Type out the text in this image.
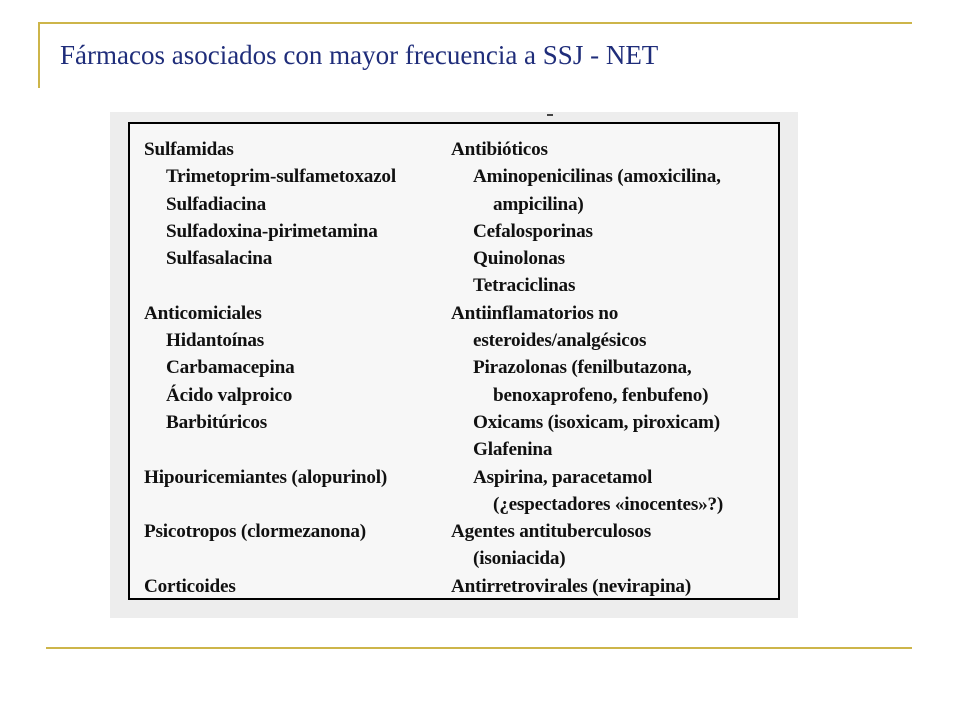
Fármacos asociados con mayor frecuencia a SSJ - NET
Sulfamidas
Trimetoprim-sulfametoxazol
Sulfadiacina
Sulfadoxina-pirimetamina
Sulfasalacina
Anticomiciales
Hidantoínas
Carbamacepina
Ácido valproico
Barbitúricos
Hipouricemiantes (alopurinol)
Psicotropos (clormezanona)
Corticoides
Antibióticos
Aminopenicilinas (amoxicilina,
ampicilina)
Cefalosporinas
Quinolonas
Tetraciclinas
Antiinflamatorios no
esteroides/analgésicos
Pirazolonas (fenilbutazona,
benoxaprofeno, fenbufeno)
Oxicams (isoxicam, piroxicam)
Glafenina
Aspirina, paracetamol
(¿espectadores «inocentes»?)
Agentes antituberculosos
(isoniacida)
Antirretrovirales (nevirapina)
